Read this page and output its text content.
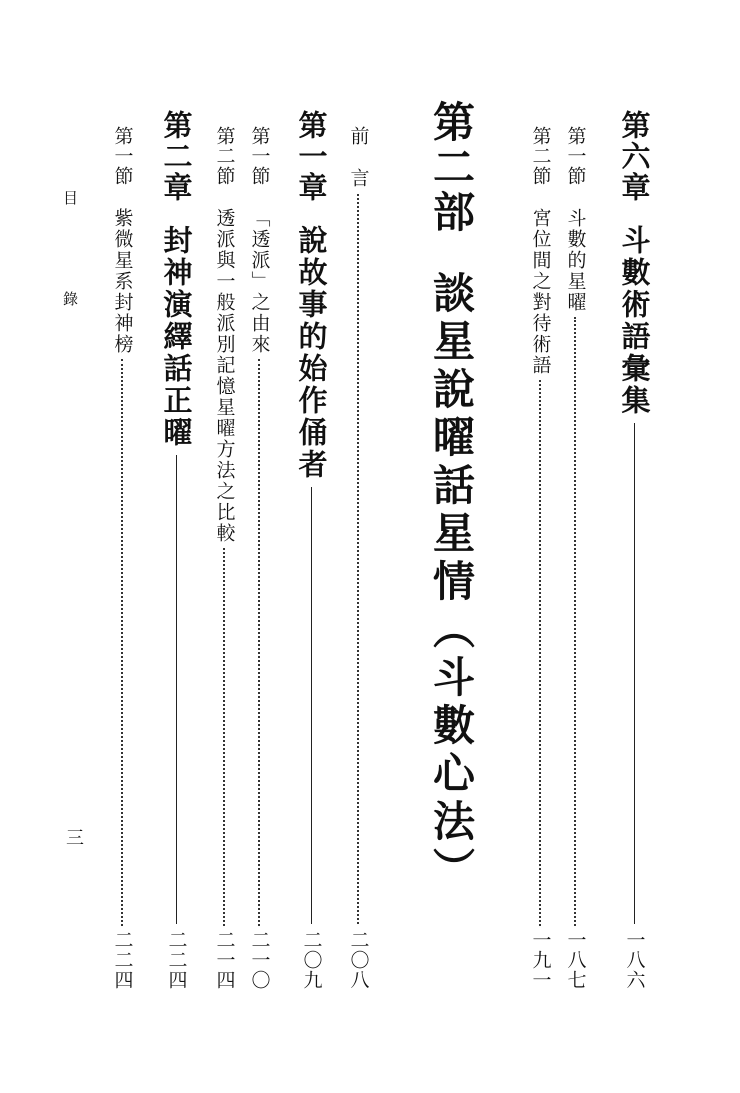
第六章
斗數術語彙集
一八六
第一節
斗數的星曜
一八七
第二節
宮位間之對待術語
一九一
第二部
談星說曜話星情（斗數心法）
前
言
二〇八
第一章
說故事的始作俑者
二〇九
第一節
「透派」之由來
二一〇
第二節
透派與一般派別記憶星曜方法之比較
二一四
第二章
封神演繹話正曜
二二四
第一節
紫微星系封神榜
二二四
目 錄
三
